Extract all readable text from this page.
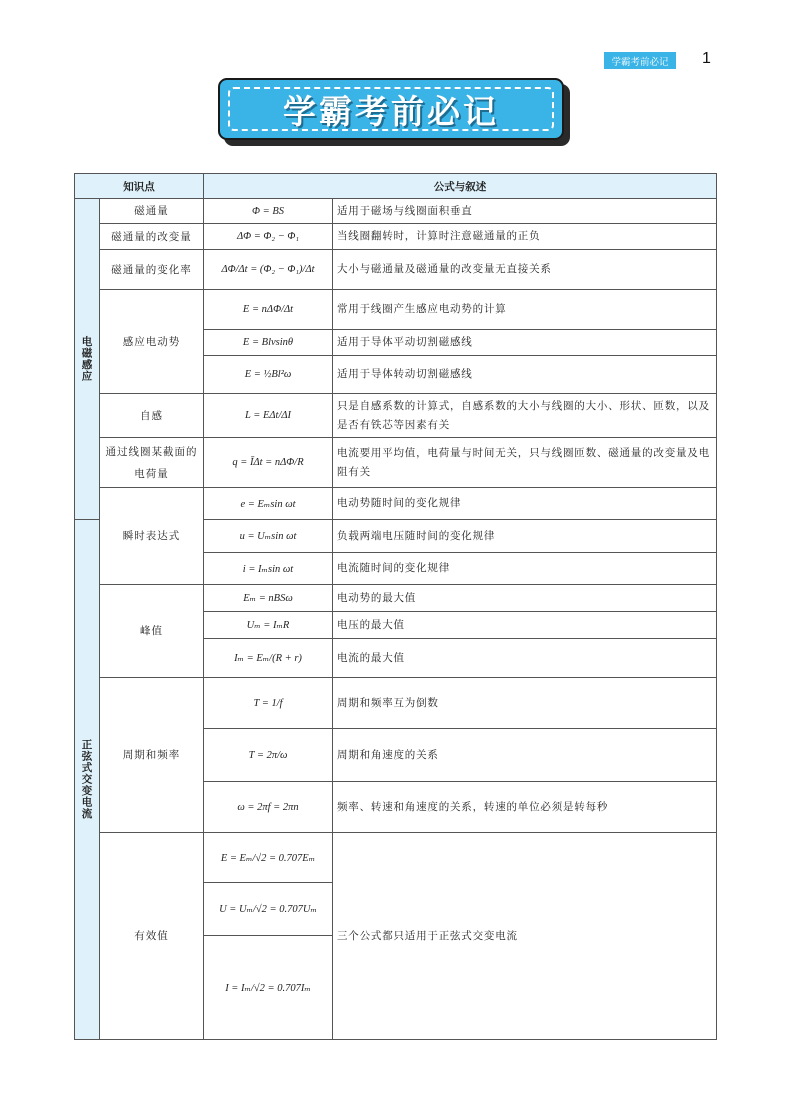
学霸考前必记	1
学霸考前必记
知识点		公式与叙述	
电磁感应	磁通量	Φ = BS	适用于磁场与线圈面积垂直
	磁通量的改变量	ΔΦ = Φ₂ − Φ₁	当线圈翻转时，计算时注意磁通量的正负
	磁通量的变化率	ΔΦ/Δt = (Φ₂ − Φ₁)/Δt	大小与磁通量及磁通量的改变量无直接关系
	感应电动势	E = nΔΦ/Δt	常用于线圈产生感应电动势的计算
		E = Blvsinθ	适用于导体平动切割磁感线
		E = ½Bl²ω	适用于导体转动切割磁感线
	自感	L = EΔt/ΔI	只是自感系数的计算式，自感系数的大小与线圈的大小、形状、匝数，以及是否有铁芯等因素有关
	通过线圈某截面的电荷量	q = ĪΔt = nΔΦ/R	电流要用平均值，电荷量与时间无关，只与线圈匝数、磁通量的改变量及电阻有关
	瞬时表达式	e = Eₘsin ωt	电动势随时间的变化规律
正弦式交变电流		u = Uₘsin ωt	负载两端电压随时间的变化规律
		i = Iₘsin ωt	电流随时间的变化规律
	峰值	Eₘ = nBSω	电动势的最大值
		Uₘ = IₘR	电压的最大值
		Iₘ = Eₘ/(R + r)	电流的最大值
	周期和频率	T = 1/f	周期和频率互为倒数
		T = 2π/ω	周期和角速度的关系
		ω = 2πf = 2πn	频率、转速和角速度的关系，转速的单位必须是转每秒
	有效值	E = Eₘ/√2 = 0.707Eₘ	三个公式都只适用于正弦式交变电流
		U = Uₘ/√2 = 0.707Uₘ	
		I = Iₘ/√2 = 0.707Iₘ	
